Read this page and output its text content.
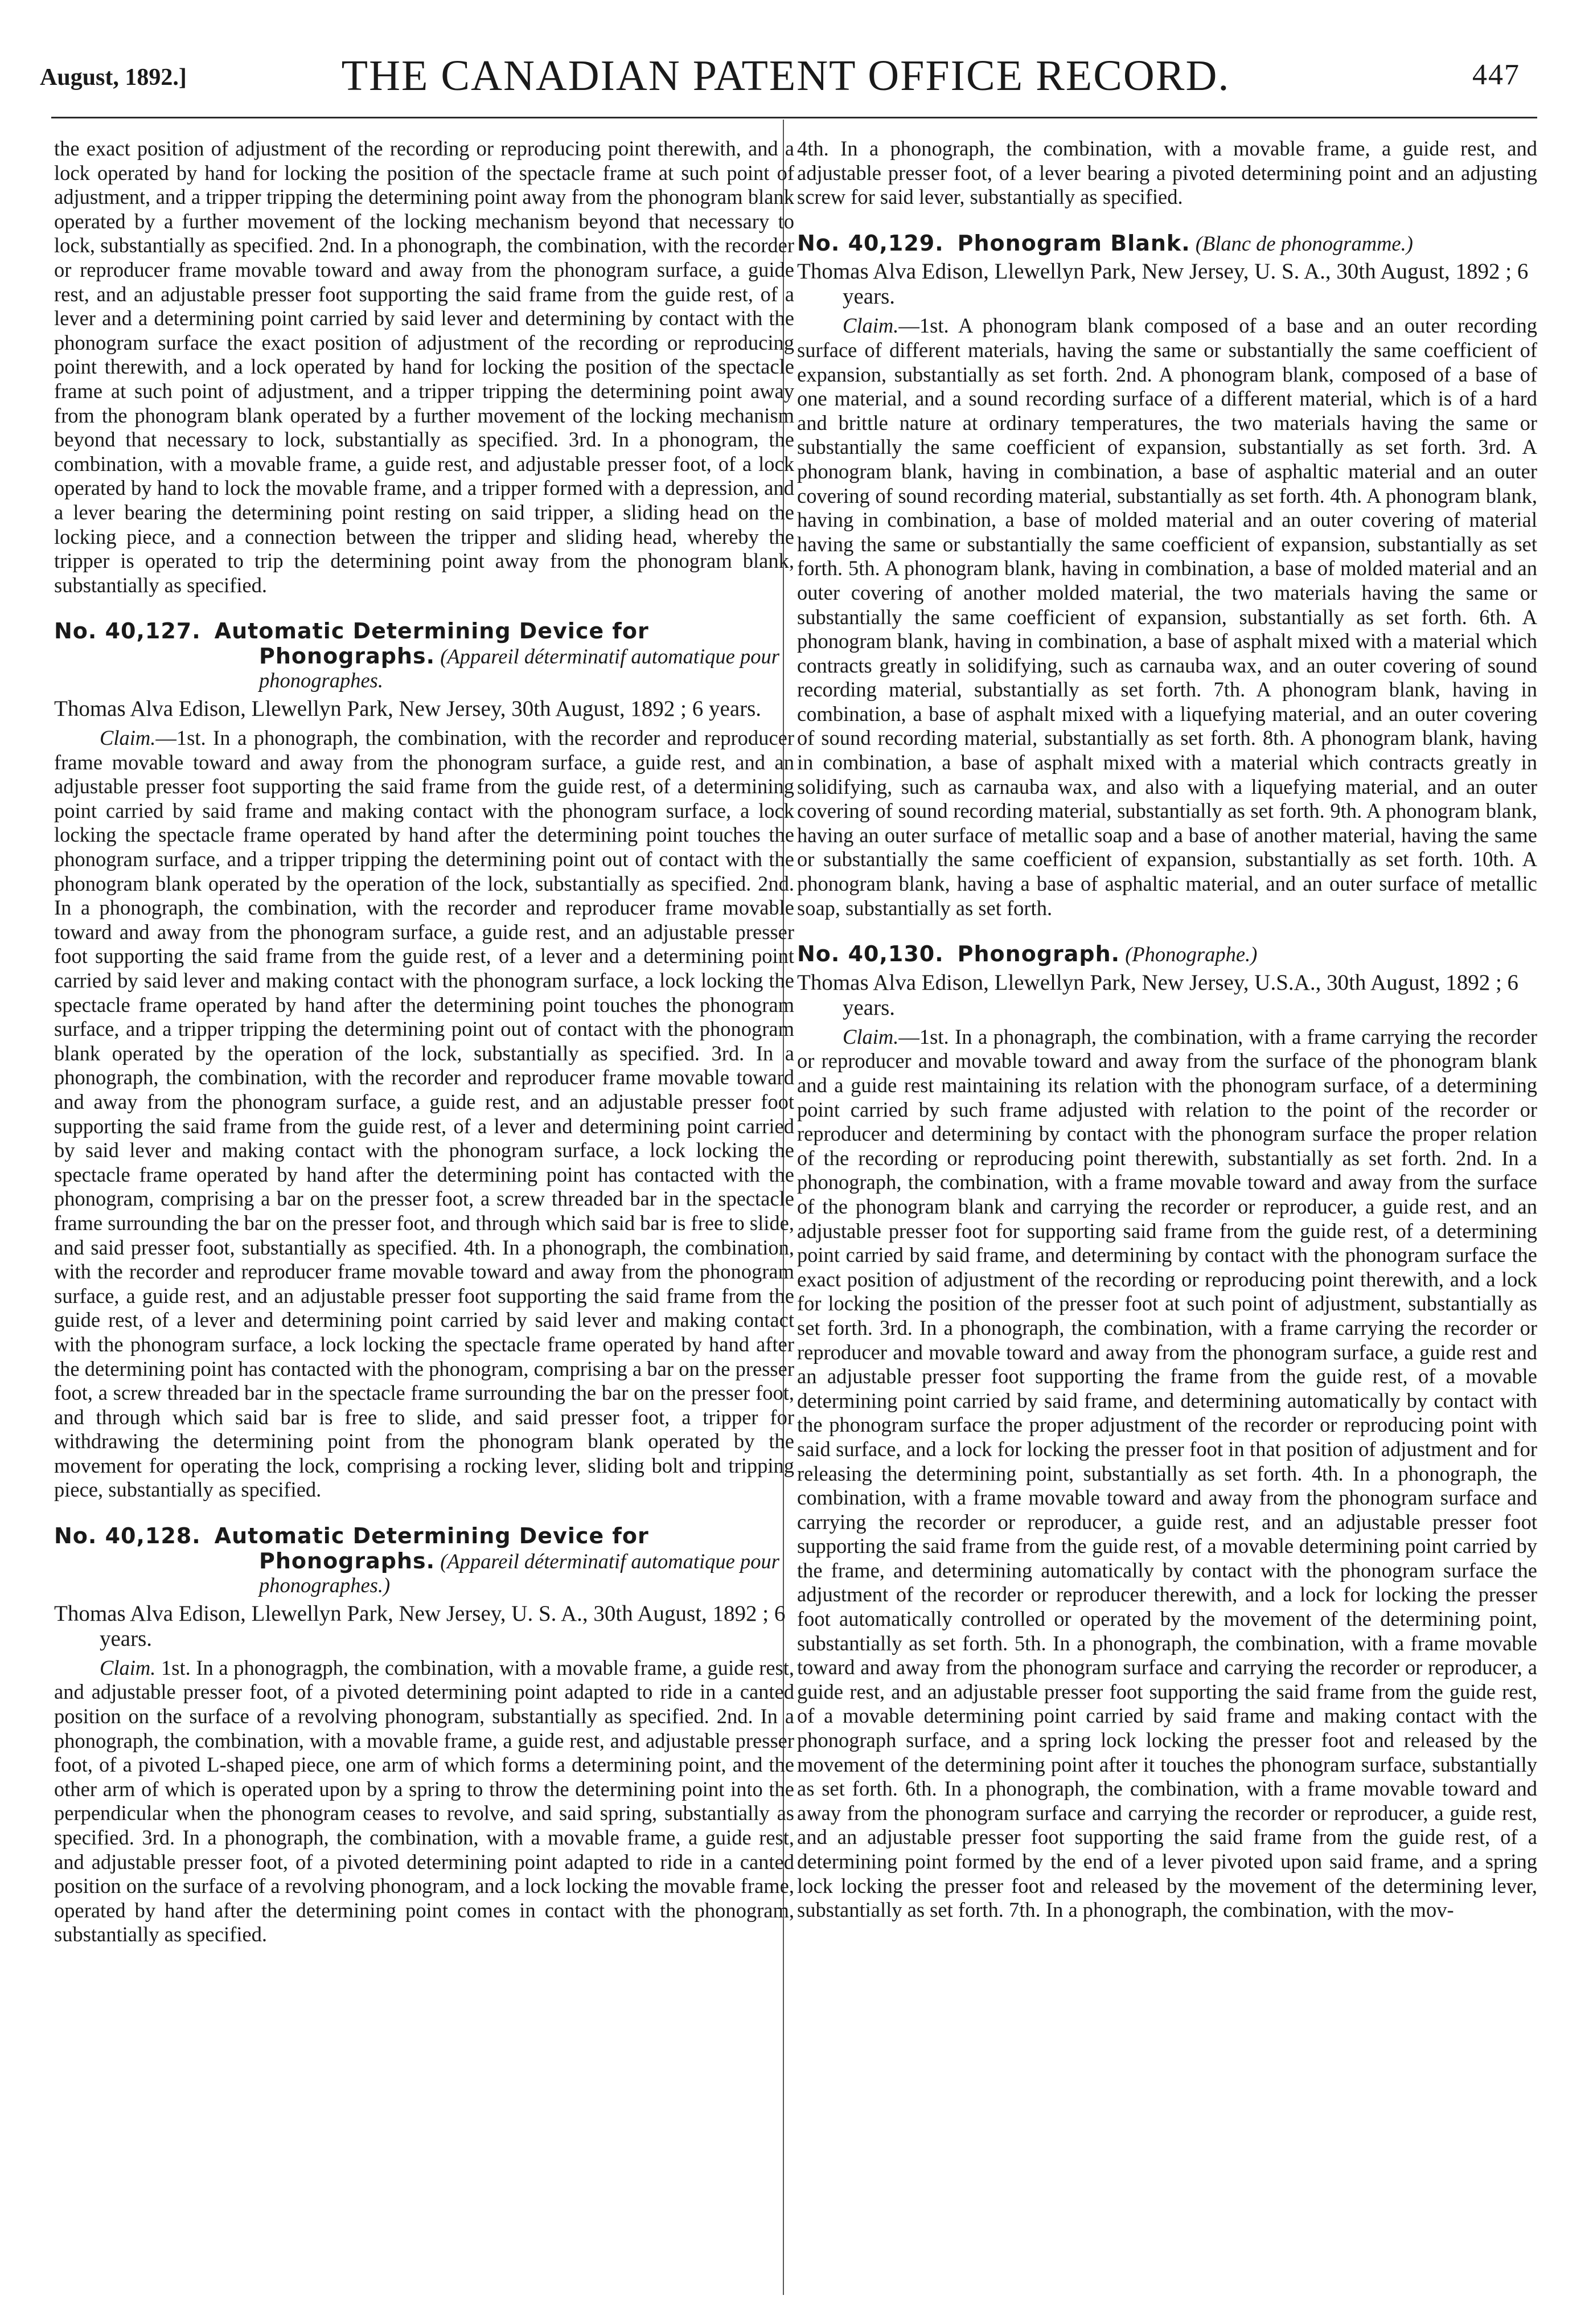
August, 1892.]	THE CANADIAN PATENT OFFICE RECORD.	447

the exact position of adjustment of the recording or reproducing point therewith, and a lock operated by hand for locking the position of the spectacle frame at such point of adjustment, and a tripper tripping the determining point away from the phonogram blank operated by a further movement of the locking mechanism beyond that necessary to lock, substantially as specified. 2nd. In a phonograph, the combination, with the recorder or reproducer frame movable toward and away from the phonogram surface, a guide rest, and an adjustable presser foot supporting the said frame from the guide rest, of a lever and a determining point carried by said lever and determining by contact with the phonogram surface the exact position of adjustment of the recording or reproducing point therewith, and a lock operated by hand for locking the position of the spectacle frame at such point of adjustment, and a tripper tripping the determining point away from the phonogram blank operated by a further movement of the locking mechanism beyond that necessary to lock, substantially as specified. 3rd. In a phonogram, the combination, with a movable frame, a guide rest, and adjustable presser foot, of a lock operated by hand to lock the movable frame, and a tripper formed with a depression, and a lever bearing the determining point resting on said tripper, a sliding head on the locking piece, and a connection between the tripper and sliding head, whereby the tripper is operated to trip the determining point away from the phonogram blank, substantially as specified.

No. 40,127. Automatic Determining Device for Phonographs. (Appareil déterminatif automatique pour phonographes.

Thomas Alva Edison, Llewellyn Park, New Jersey, 30th August, 1892 ; 6 years.

Claim.—1st. In a phonograph, the combination, with the recorder and reproducer frame movable toward and away from the phonogram surface, a guide rest, and an adjustable presser foot supporting the said frame from the guide rest, of a determining point carried by said frame and making contact with the phonogram surface, a lock locking the spectacle frame operated by hand after the determining point touches the phonogram surface, and a tripper tripping the determining point out of contact with the phonogram blank operated by the operation of the lock, substantially as specified. 2nd. In a phonograph, the combination, with the recorder and reproducer frame movable toward and away from the phonogram surface, a guide rest, and an adjustable presser foot supporting the said frame from the guide rest, of a lever and a determining point carried by said lever and making contact with the phonogram surface, a lock locking the spectacle frame operated by hand after the determining point touches the phonogram surface, and a tripper tripping the determining point out of contact with the phonogram blank operated by the operation of the lock, substantially as specified. 3rd. In a phonograph, the combination, with the recorder and reproducer frame movable toward and away from the phonogram surface, a guide rest, and an adjustable presser foot supporting the said frame from the guide rest, of a lever and determining point carried by said lever and making contact with the phonogram surface, a lock locking the spectacle frame operated by hand after the determining point has contacted with the phonogram, comprising a bar on the presser foot, a screw threaded bar in the spectacle frame surrounding the bar on the presser foot, and through which said bar is free to slide, and said presser foot, substantially as specified. 4th. In a phonograph, the combination, with the recorder and reproducer frame movable toward and away from the phonogram surface, a guide rest, and an adjustable presser foot supporting the said frame from the guide rest, of a lever and determining point carried by said lever and making contact with the phonogram surface, a lock locking the spectacle frame operated by hand after the determining point has contacted with the phonogram, comprising a bar on the presser foot, a screw threaded bar in the spectacle frame surrounding the bar on the presser foot, and through which said bar is free to slide, and said presser foot, a tripper for withdrawing the determining point from the phonogram blank operated by the movement for operating the lock, comprising a rocking lever, sliding bolt and tripping piece, substantially as specified.

No. 40,128. Automatic Determining Device for Phonographs. (Appareil déterminatif automatique pour phonographes.)

Thomas Alva Edison, Llewellyn Park, New Jersey, U. S. A., 30th August, 1892 ; 6 years.

Claim. 1st. In a phonogragph, the combination, with a movable frame, a guide rest, and adjustable presser foot, of a pivoted determining point adapted to ride in a canted position on the surface of a revolving phonogram, substantially as specified. 2nd. In a phonograph, the combination, with a movable frame, a guide rest, and adjustable presser foot, of a pivoted L-shaped piece, one arm of which forms a determining point, and the other arm of which is operated upon by a spring to throw the determining point into the perpendicular when the phonogram ceases to revolve, and said spring, substantially as specified. 3rd. In a phonograph, the combination, with a movable frame, a guide rest, and adjustable presser foot, of a pivoted determining point adapted to ride in a canted position on the surface of a revolving phonogram, and a lock locking the movable frame, operated by hand after the determining point comes in contact with the phonogram, substantially as specified.

4th. In a phonograph, the combination, with a movable frame, a guide rest, and adjustable presser foot, of a lever bearing a pivoted determining point and an adjusting screw for said lever, substantially as specified.

No. 40,129. Phonogram Blank. (Blanc de phonogramme.)

Thomas Alva Edison, Llewellyn Park, New Jersey, U. S. A., 30th August, 1892 ; 6 years.

Claim.—1st. A phonogram blank composed of a base and an outer recording surface of different materials, having the same or substantially the same coefficient of expansion, substantially as set forth. 2nd. A phonogram blank, composed of a base of one material, and a sound recording surface of a different material, which is of a hard and brittle nature at ordinary temperatures, the two materials having the same or substantially the same coefficient of expansion, substantially as set forth. 3rd. A phonogram blank, having in combination, a base of asphaltic material and an outer covering of sound recording material, substantially as set forth. 4th. A phonogram blank, having in combination, a base of molded material and an outer covering of material having the same or substantially the same coefficient of expansion, substantially as set forth. 5th. A phonogram blank, having in combination, a base of molded material and an outer covering of another molded material, the two materials having the same or substantially the same coefficient of expansion, substantially as set forth. 6th. A phonogram blank, having in combination, a base of asphalt mixed with a material which contracts greatly in solidifying, such as carnauba wax, and an outer covering of sound recording material, substantially as set forth. 7th. A phonogram blank, having in combination, a base of asphalt mixed with a liquefying material, and an outer covering of sound recording material, substantially as set forth. 8th. A phonogram blank, having in combination, a base of asphalt mixed with a material which contracts greatly in solidifying, such as carnauba wax, and also with a liquefying material, and an outer covering of sound recording material, substantially as set forth. 9th. A phonogram blank, having an outer surface of metallic soap and a base of another material, having the same or substantially the same coefficient of expansion, substantially as set forth. 10th. A phonogram blank, having a base of asphaltic material, and an outer surface of metallic soap, substantially as set forth.

No. 40,130. Phonograph. (Phonographe.)

Thomas Alva Edison, Llewellyn Park, New Jersey, U.S.A., 30th August, 1892 ; 6 years.

Claim.—1st. In a phonagraph, the combination, with a frame carrying the recorder or reproducer and movable toward and away from the surface of the phonogram blank and a guide rest maintaining its relation with the phonogram surface, of a determining point carried by such frame adjusted with relation to the point of the recorder or reproducer and determining by contact with the phonogram surface the proper relation of the recording or reproducing point therewith, substantially as set forth. 2nd. In a phonograph, the combination, with a frame movable toward and away from the surface of the phonogram blank and carrying the recorder or reproducer, a guide rest, and an adjustable presser foot for supporting said frame from the guide rest, of a determining point carried by said frame, and determining by contact with the phonogram surface the exact position of adjustment of the recording or reproducing point therewith, and a lock for locking the position of the presser foot at such point of adjustment, substantially as set forth. 3rd. In a phonograph, the combination, with a frame carrying the recorder or reproducer and movable toward and away from the phonogram surface, a guide rest and an adjustable presser foot supporting the frame from the guide rest, of a movable determining point carried by said frame, and determining automatically by contact with the phonogram surface the proper adjustment of the recorder or reproducing point with said surface, and a lock for locking the presser foot in that position of adjustment and for releasing the determining point, substantially as set forth. 4th. In a phonograph, the combination, with a frame movable toward and away from the phonogram surface and carrying the recorder or reproducer, a guide rest, and an adjustable presser foot supporting the said frame from the guide rest, of a movable determining point carried by the frame, and determining automatically by contact with the phonogram surface the adjustment of the recorder or reproducer therewith, and a lock for locking the presser foot automatically controlled or operated by the movement of the determining point, substantially as set forth. 5th. In a phonograph, the combination, with a frame movable toward and away from the phonogram surface and carrying the recorder or reproducer, a guide rest, and an adjustable presser foot supporting the said frame from the guide rest, of a movable determining point carried by said frame and making contact with the phonograph surface, and a spring lock locking the presser foot and released by the movement of the determining point after it touches the phonogram surface, substantially as set forth. 6th. In a phonograph, the combination, with a frame movable toward and away from the phonogram surface and carrying the recorder or reproducer, a guide rest, and an adjustable presser foot supporting the said frame from the guide rest, of a determining point formed by the end of a lever pivoted upon said frame, and a spring lock locking the presser foot and released by the movement of the determining lever, substantially as set forth. 7th. In a phonograph, the combination, with the mov-
